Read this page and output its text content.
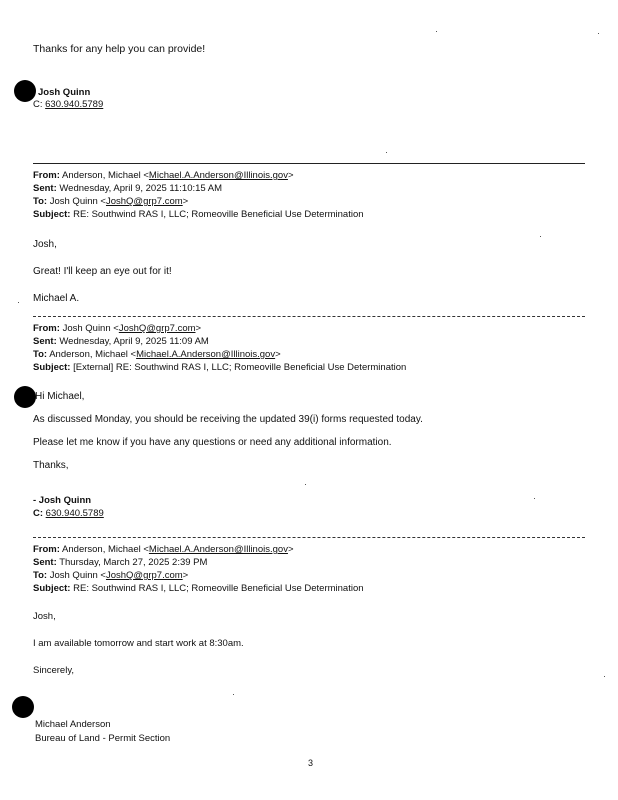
Thanks for any help you can provide!
Josh Quinn
C: 630.940.5789
From: Anderson, Michael <Michael.A.Anderson@Illinois.gov>
Sent: Wednesday, April 9, 2025 11:10:15 AM
To: Josh Quinn <JoshQ@grp7.com>
Subject: RE: Southwind RAS I, LLC; Romeoville Beneficial Use Determination
Josh,
Great! I'll keep an eye out for it!
Michael A.
From: Josh Quinn <JoshQ@grp7.com>
Sent: Wednesday, April 9, 2025 11:09 AM
To: Anderson, Michael <Michael.A.Anderson@Illinois.gov>
Subject: [External] RE: Southwind RAS I, LLC; Romeoville Beneficial Use Determination
Hi Michael,
As discussed Monday, you should be receiving the updated 39(i) forms requested today.
Please let me know if you have any questions or need any additional information.
Thanks,
- Josh Quinn
C: 630.940.5789
From: Anderson, Michael <Michael.A.Anderson@Illinois.gov>
Sent: Thursday, March 27, 2025 2:39 PM
To: Josh Quinn <JoshQ@grp7.com>
Subject: RE: Southwind RAS I, LLC; Romeoville Beneficial Use Determination
Josh,
I am available tomorrow and start work at 8:30am.
Sincerely,
Michael Anderson
Bureau of Land - Permit Section
3
